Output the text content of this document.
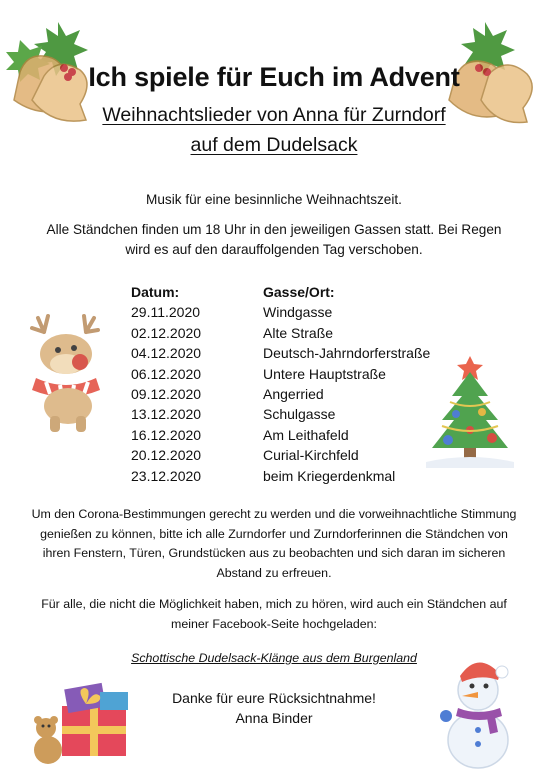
Ich spiele für Euch im Advent
Weihnachtslieder von Anna für Zurndorf
auf dem Dudelsack
Musik für eine besinnliche Weihnachtszeit.
Alle Ständchen finden um 18 Uhr in den jeweiligen Gassen statt. Bei Regen wird es auf den darauffolgenden Tag verschoben.
Datum:	Gasse/Ort:
29.11.2020	Windgasse
02.12.2020	Alte Straße
04.12.2020	Deutsch-Jahrndorferstraße
06.12.2020	Untere Hauptstraße
09.12.2020	Angerried
13.12.2020	Schulgasse
16.12.2020	Am Leithafeld
20.12.2020	Curial-Kirchfeld
23.12.2020	beim Kriegerdenkmal
Um den Corona-Bestimmungen gerecht zu werden und die vorweihnachtliche Stimmung genießen zu können, bitte ich alle Zurndorfer und Zurndorferinnen die Ständchen von ihren Fenstern, Türen, Grundstücken aus zu beobachten und sich daran im sicheren Abstand zu erfreuen.
Für alle, die nicht die Möglichkeit haben, mich zu hören, wird auch ein Ständchen auf meiner Facebook-Seite hochgeladen:
Schottische Dudelsack-Klänge aus dem Burgenland
Danke für eure Rücksichtnahme!
Anna Binder
